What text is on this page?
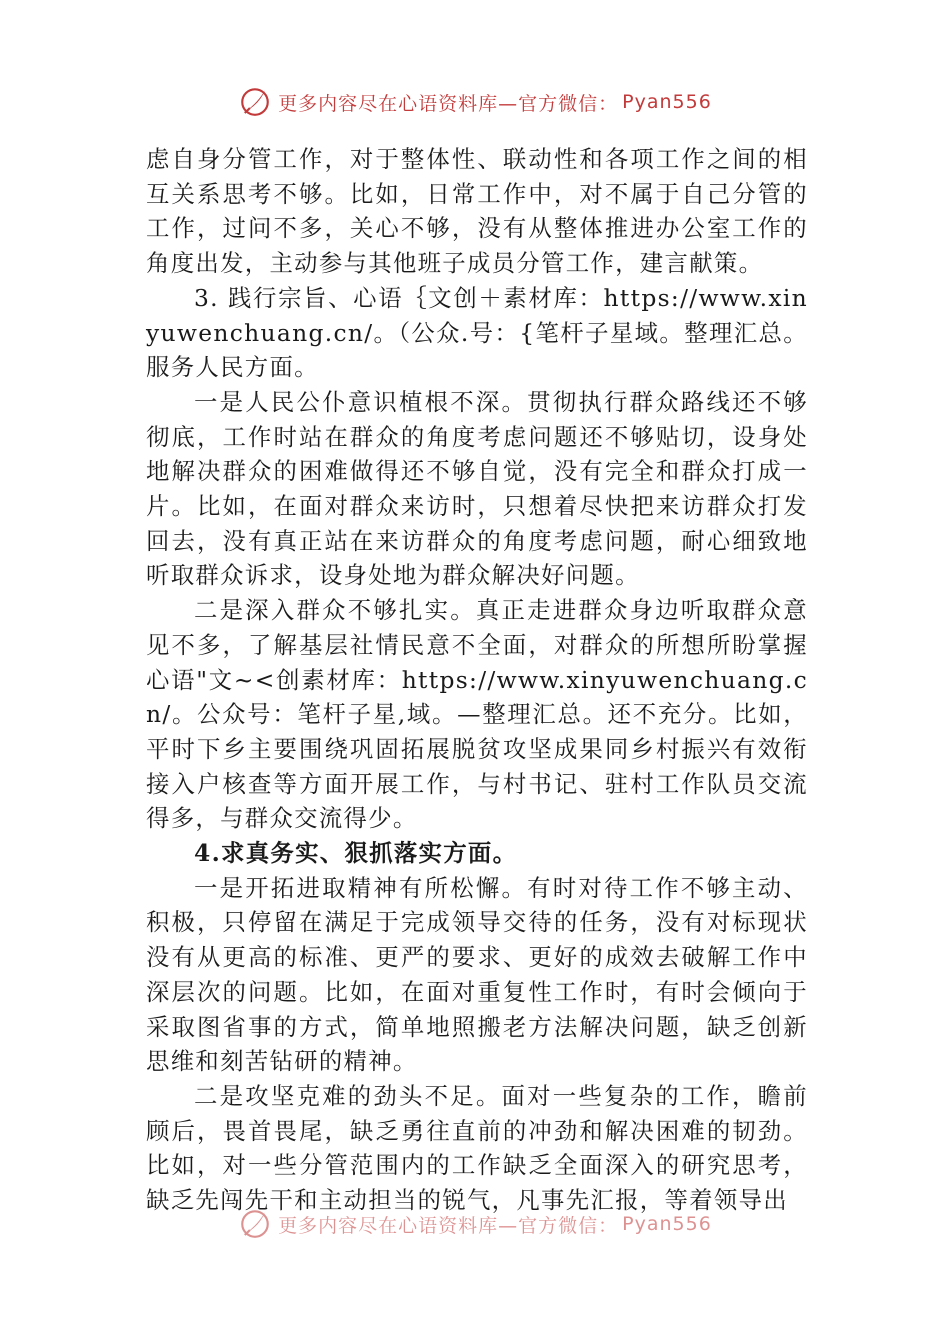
更多内容尽在心语资料库—官方微信： Pyan556

虑自身分管工作，对于整体性、联动性和各项工作之间的相互关系思考不够。比如，日常工作中，对不属于自己分管的工作，过问不多，关心不够，没有从整体推进办公室工作的角度出发，主动参与其他班子成员分管工作，建言献策。

3. 践行宗旨、心语｛文创＋素材库：https://www.xinyuwenchuang.cn/。（公众.号：{笔杆子星域。整理汇总。服务人民方面。

一是人民公仆意识植根不深。贯彻执行群众路线还不够彻底，工作时站在群众的角度考虑问题还不够贴切，设身处地解决群众的困难做得还不够自觉，没有完全和群众打成一片。比如，在面对群众来访时，只想着尽快把来访群众打发回去，没有真正站在来访群众的角度考虑问题，耐心细致地听取群众诉求，设身处地为群众解决好问题。

二是深入群众不够扎实。真正走进群众身边听取群众意见不多，了解基层社情民意不全面，对群众的所想所盼掌握心语"文~<创素材库：https://www.xinyuwenchuang.cn/。公众号：笔杆子星,域。—整理汇总。还不充分。比如，平时下乡主要围绕巩固拓展脱贫攻坚成果同乡村振兴有效衔接入户核查等方面开展工作，与村书记、驻村工作队员交流得多，与群众交流得少。

4.求真务实、狠抓落实方面。

一是开拓进取精神有所松懈。有时对待工作不够主动、积极，只停留在满足于完成领导交待的任务，没有对标现状没有从更高的标准、更严的要求、更好的成效去破解工作中深层次的问题。比如，在面对重复性工作时，有时会倾向于采取图省事的方式，简单地照搬老方法解决问题，缺乏创新思维和刻苦钻研的精神。

二是攻坚克难的劲头不足。面对一些复杂的工作，瞻前顾后，畏首畏尾，缺乏勇往直前的冲劲和解决困难的韧劲。比如，对一些分管范围内的工作缺乏全面深入的研究思考，缺乏先闯先干和主动担当的锐气，凡事先汇报，等着领导出

更多内容尽在心语资料库—官方微信： Pyan556
